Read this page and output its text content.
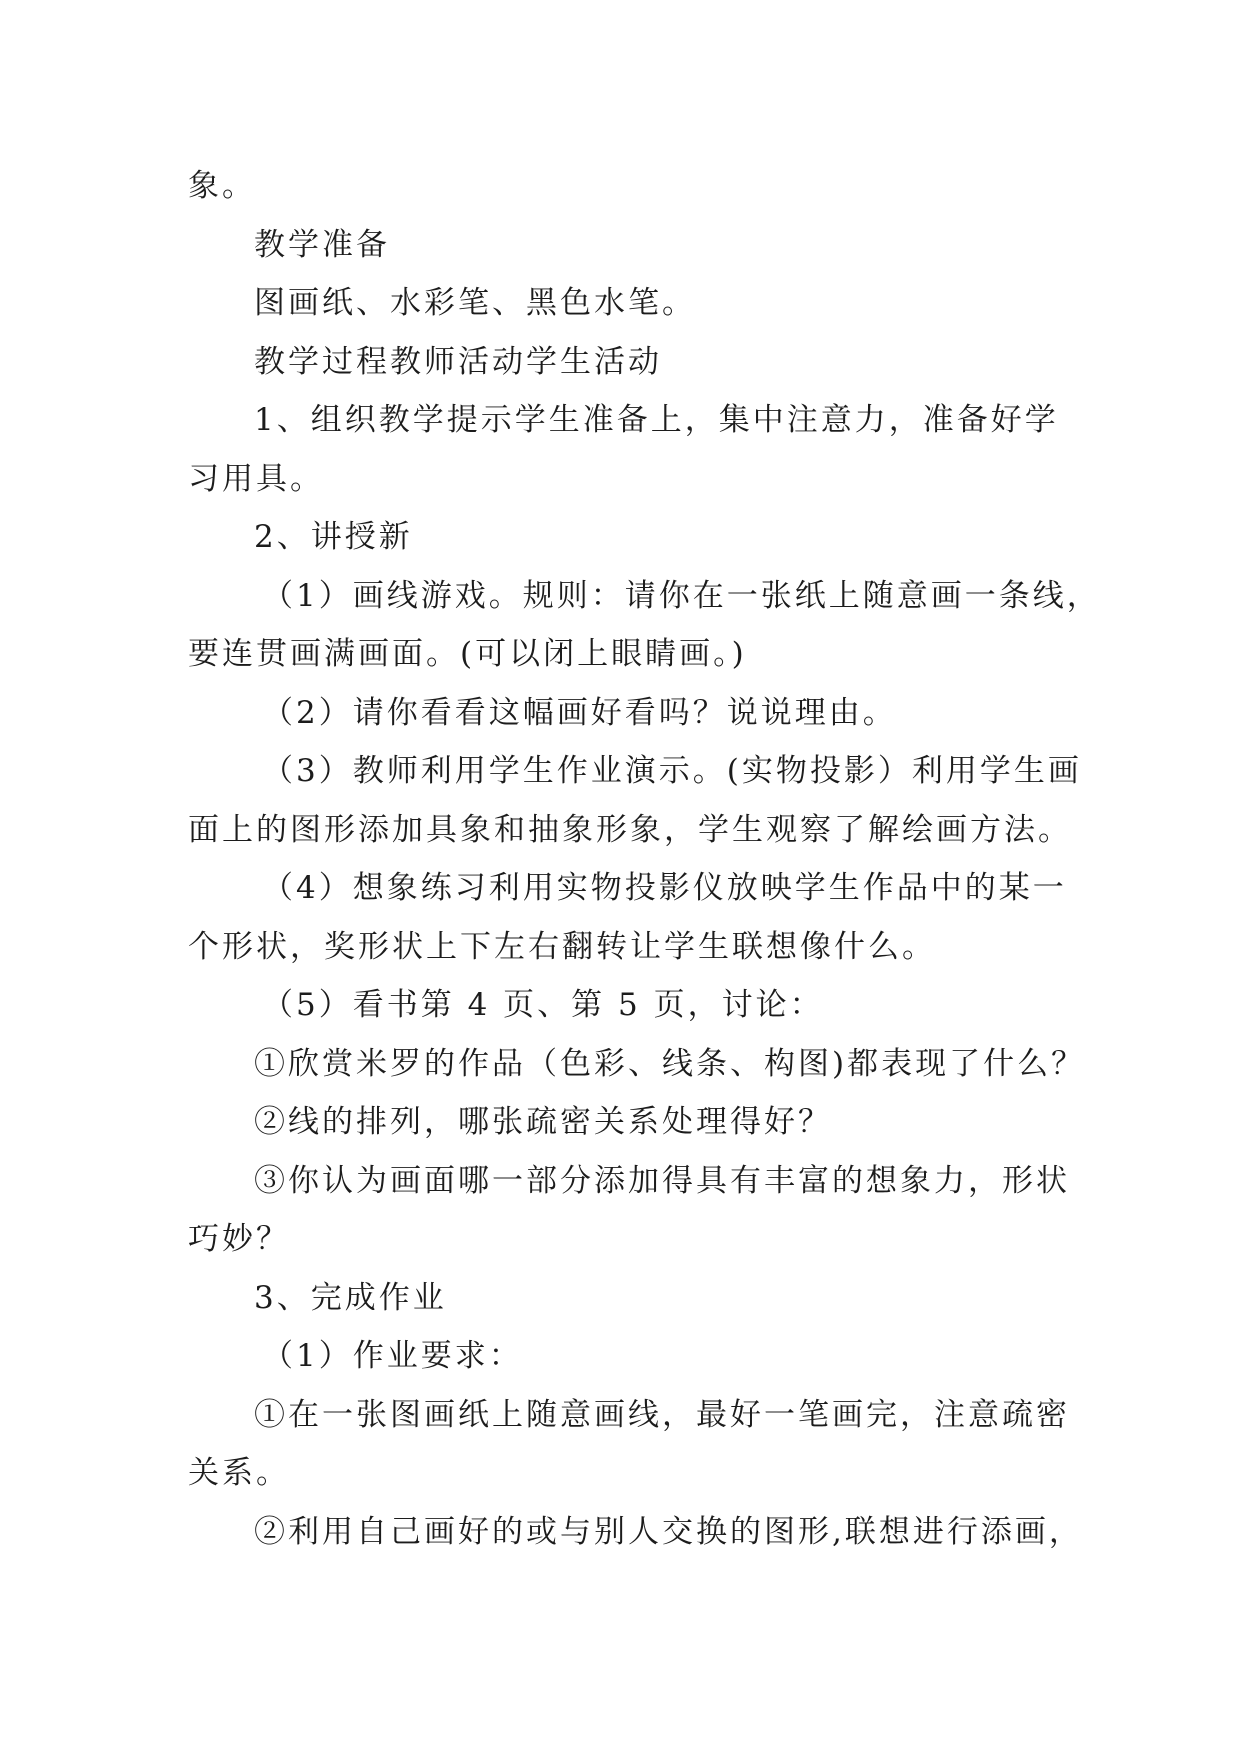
象。
教学准备
图画纸、水彩笔、黑色水笔。
教学过程教师活动学生活动
1、组织教学提示学生准备上，集中注意力，准备好学
习用具。
2、讲授新
（1）画线游戏。规则：请你在一张纸上随意画一条线，
要连贯画满画面。(可以闭上眼睛画。)
（2）请你看看这幅画好看吗？说说理由。
（3）教师利用学生作业演示。(实物投影）利用学生画
面上的图形添加具象和抽象形象，学生观察了解绘画方法。
（4）想象练习利用实物投影仪放映学生作品中的某一
个形状，奖形状上下左右翻转让学生联想像什么。
（5）看书第 4 页、第 5 页，讨论：
①欣赏米罗的作品（色彩、线条、构图)都表现了什么？
②线的排列，哪张疏密关系处理得好？
③你认为画面哪一部分添加得具有丰富的想象力，形状
巧妙？
3、完成作业
（1）作业要求：
①在一张图画纸上随意画线，最好一笔画完，注意疏密
关系。
②利用自己画好的或与别人交换的图形,联想进行添画，
